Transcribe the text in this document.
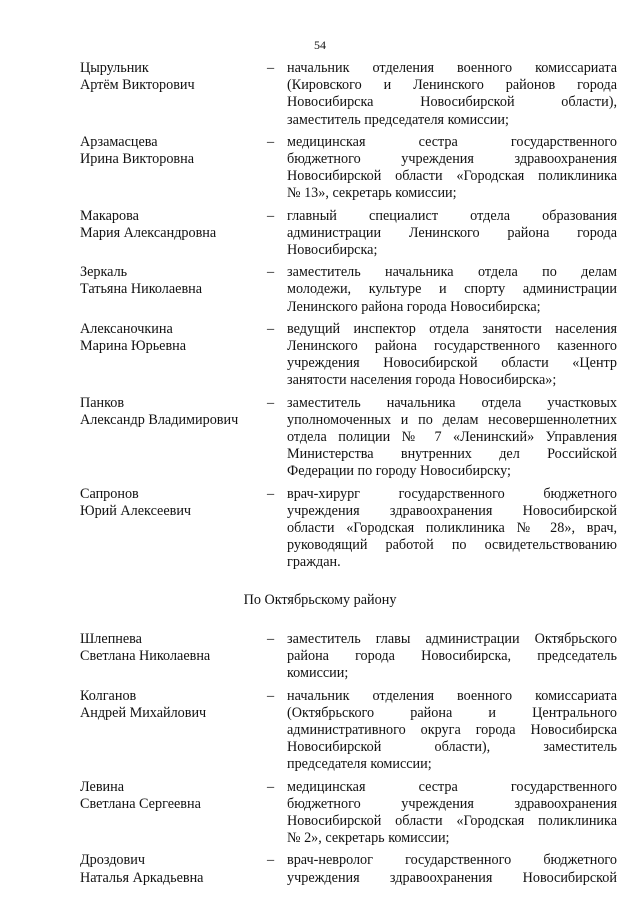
54
Цырульник
Артём Викторович
– начальник отделения военного комиссариата
(Кировского и Ленинского районов города
Новосибирска Новосибирской области),
заместитель председателя комиссии;
Арзамасцева
Ирина Викторовна
– медицинская сестра государственного
бюджетного учреждения здравоохранения
Новосибирской области «Городская поликлиника
№ 13», секретарь комиссии;
Макарова
Мария Александровна
– главный специалист отдела образования
администрации Ленинского района города
Новосибирска;
Зеркаль
Татьяна Николаевна
– заместитель начальника отдела по делам
молодежи, культуре и спорту администрации
Ленинского района города Новосибирска;
Алексаночкина
Марина Юрьевна
– ведущий инспектор отдела занятости населения
Ленинского района государственного казенного
учреждения Новосибирской области «Центр
занятости населения города Новосибирска»;
Панков
Александр Владимирович
– заместитель начальника отдела участковых
уполномоченных и по делам несовершеннолетних
отдела полиции № 7 «Ленинский» Управления
Министерства внутренних дел Российской
Федерации по городу Новосибирску;
Сапронов
Юрий Алексеевич
– врач-хирург государственного бюджетного
учреждения здравоохранения Новосибирской
области «Городская поликлиника № 28», врач,
руководящий работой по освидетельствованию
граждан.
По Октябрьскому району
Шлепнева
Светлана Николаевна
– заместитель главы администрации Октябрьского
района города Новосибирска, председатель
комиссии;
Колганов
Андрей Михайлович
– начальник отделения военного комиссариата
(Октябрьского района и Центрального
административного округа города Новосибирска
Новосибирской области), заместитель
председателя комиссии;
Левина
Светлана Сергеевна
– медицинская сестра государственного
бюджетного учреждения здравоохранения
Новосибирской области «Городская поликлиника
№ 2», секретарь комиссии;
Дроздович
Наталья Аркадьевна
– врач-невролог государственного бюджетного
учреждения здравоохранения Новосибирской
